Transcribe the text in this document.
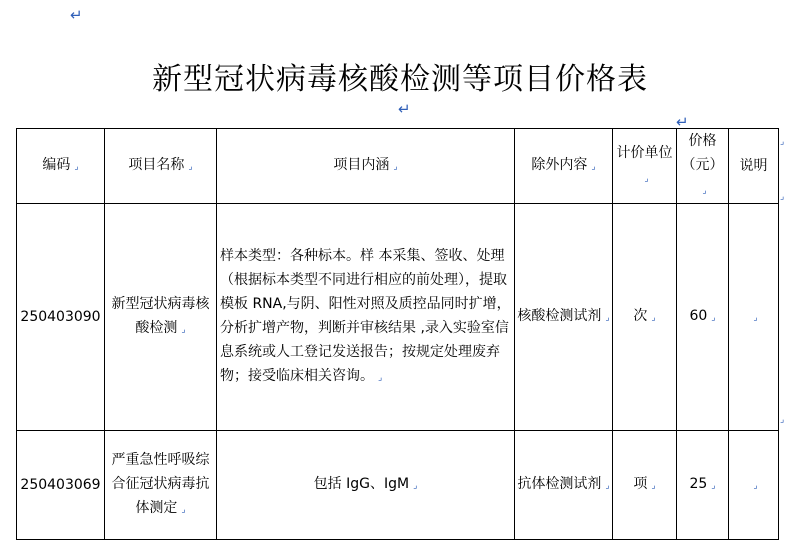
↵
新型冠状病毒核酸检测等项目价格表
↵
↵
⌟
⌟
⌟
编码 ⌟	项目名称 ⌟	项目内涵 ⌟	除外内容 ⌟	计价单位⌟	价格（元）⌟	说明
250403090	新型冠状病毒核酸检测 ⌟	样本类型：各种标本。样 本采集、签收、处理（根据标本类型不同进行相应的前处理），提取模板 RNA,与阴、阳性对照及质控品同时扩增，分析扩增产物，判断并审核结果 ,录入实验室信息系统或人工登记发送报告；按规定处理废弃物；接受临床相关咨询。 ⌟	核酸检测试剂 ⌟	次 ⌟	60 ⌟	⌟
250403069	严重急性呼吸综合征冠状病毒抗体测定 ⌟	包括 IgG、IgM ⌟	抗体检测试剂 ⌟	项 ⌟	25 ⌟	⌟
